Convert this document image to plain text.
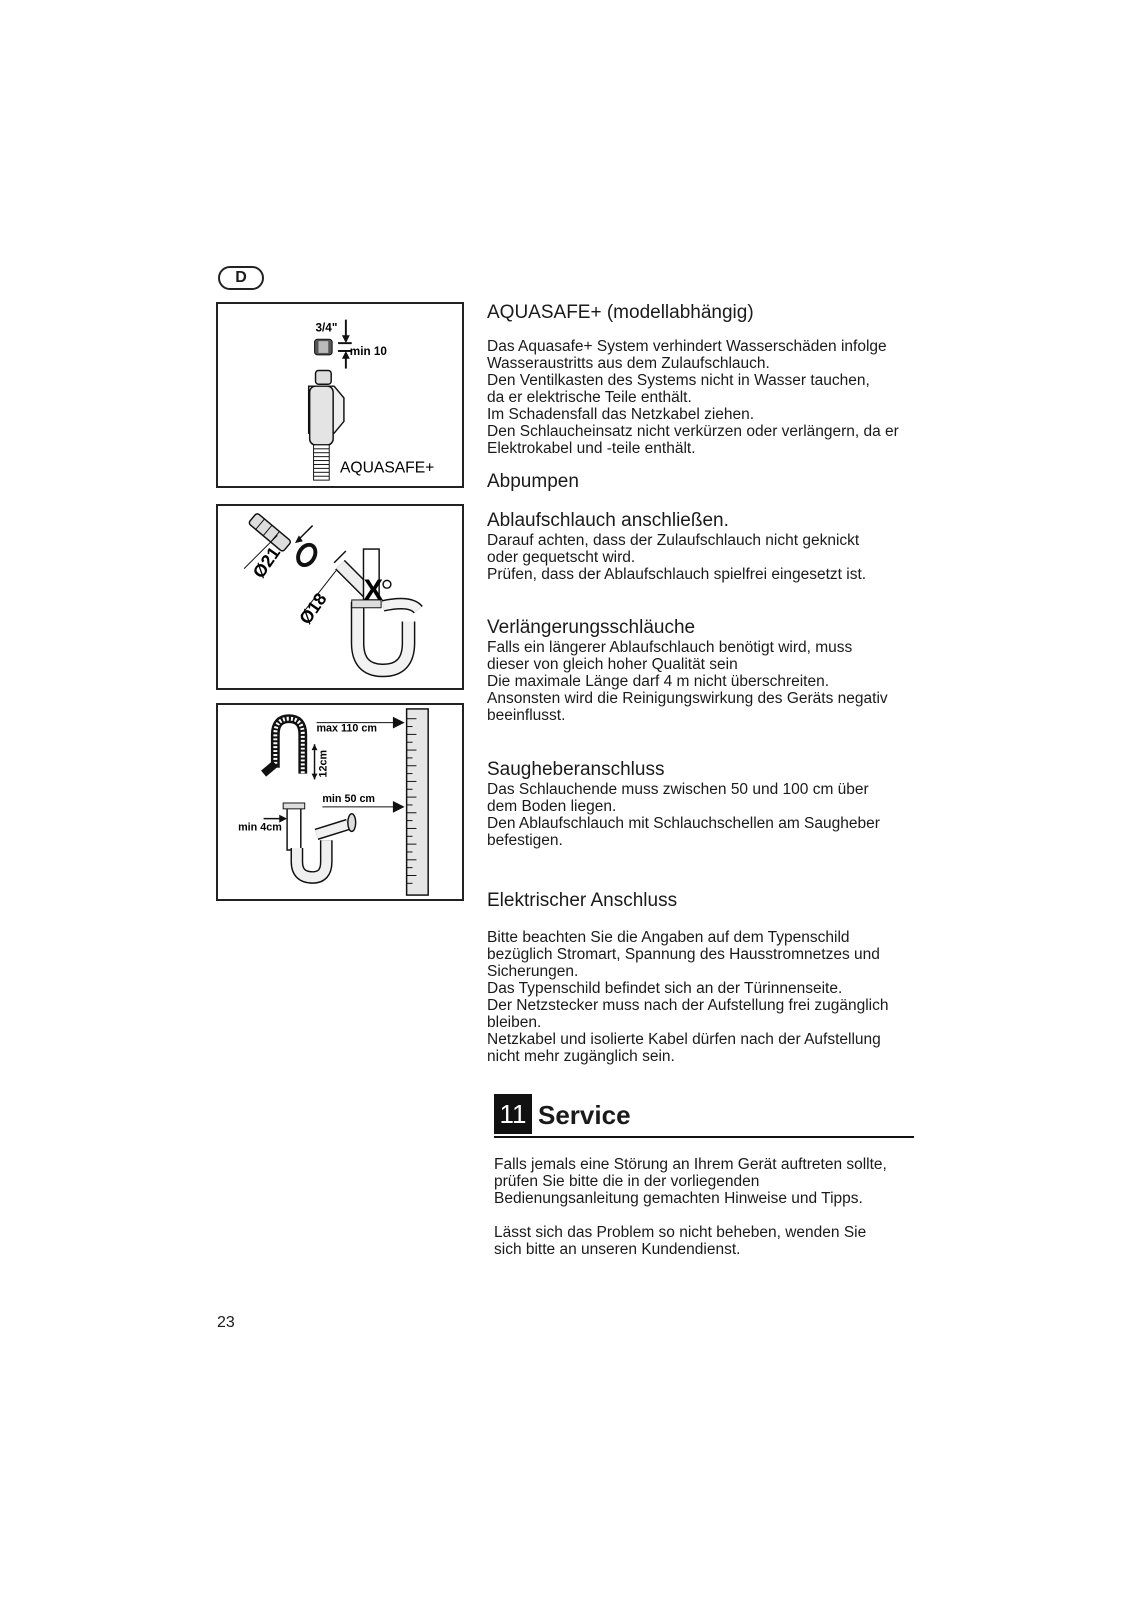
D
3/4"
min 10
AQUASAFE+
Ø21
Ø18 X
12cm
max 110 cm
min 50 cm
min 4cm
AQUASAFE+ (modellabhängig)

Das Aquasafe+ System verhindert Wasserschäden infolge
Wasseraustritts aus dem Zulaufschlauch.
Den Ventilkasten des Systems nicht in Wasser tauchen,
da er elektrische Teile enthält.
Im Schadensfall das Netzkabel ziehen.
Den Schlaucheinsatz nicht verkürzen oder verlängern, da er
Elektrokabel und -teile enthält.

Abpumpen
Ablaufschlauch anschließen.

Darauf achten, dass der Zulaufschlauch nicht geknickt
oder gequetscht wird.
Prüfen, dass der Ablaufschlauch spielfrei eingesetzt ist.

Verlängerungsschläuche

Falls ein längerer Ablaufschlauch benötigt wird, muss
dieser von gleich hoher Qualität sein
Die maximale Länge darf 4 m nicht überschreiten.
Ansonsten wird die Reinigungswirkung des Geräts negativ
beeinflusst.

Saugheberanschluss

Das Schlauchende muss zwischen 50 und 100 cm über
dem Boden liegen.
Den Ablaufschlauch mit Schlauchschellen am Saugheber
befestigen.

Elektrischer Anschluss

Bitte beachten Sie die Angaben auf dem Typenschild
bezüglich Stromart, Spannung des Hausstromnetzes und
Sicherungen.
Das Typenschild befindet sich an der Türinnenseite.
Der Netzstecker muss nach der Aufstellung frei zugänglich
bleiben.
Netzkabel und isolierte Kabel dürfen nach der Aufstellung
nicht mehr zugänglich sein.

11 Service

Falls jemals eine Störung an Ihrem Gerät auftreten sollte,
prüfen Sie bitte die in der vorliegenden
Bedienungsanleitung gemachten Hinweise und Tipps.

Lässt sich das Problem so nicht beheben, wenden Sie
sich bitte an unseren Kundendienst.

23
